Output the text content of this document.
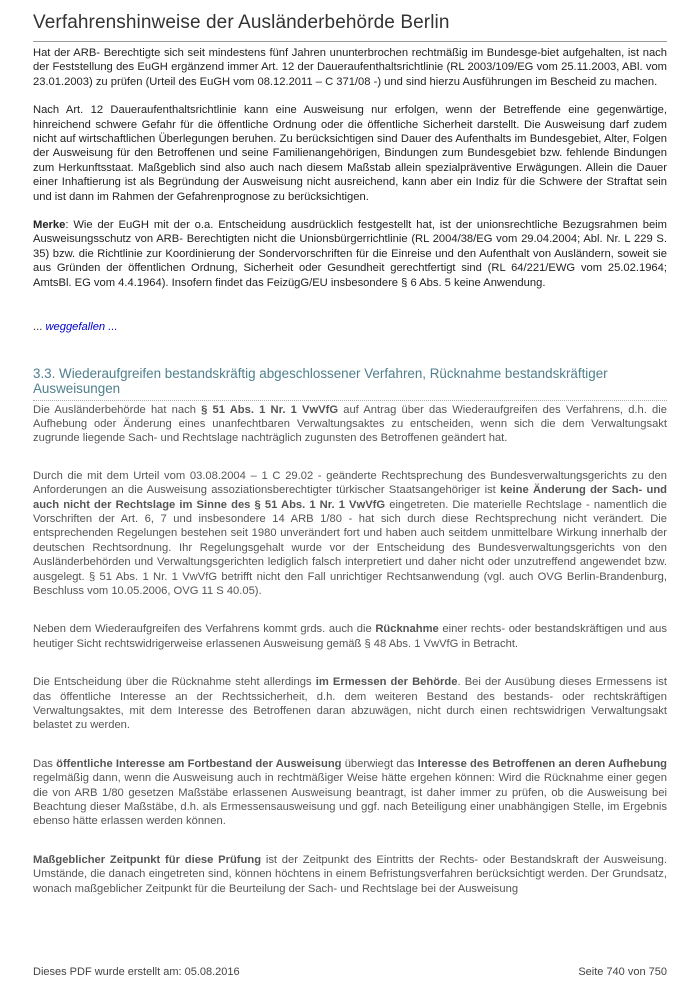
Verfahrenshinweise der Ausländerbehörde Berlin

Hat der ARB- Berechtigte sich seit mindestens fünf Jahren ununterbrochen rechtmäßig im Bundesge-biet aufgehalten, ist nach der Feststellung des EuGH ergänzend immer Art. 12 der Daueraufenthaltsrichtlinie (RL 2003/109/EG vom 25.11.2003, ABl. vom 23.01.2003) zu prüfen (Urteil des EuGH vom 08.12.2011 – C 371/08 -) und sind hierzu Ausführungen im Bescheid zu machen.

Nach Art. 12 Daueraufenthaltsrichtlinie kann eine Ausweisung nur erfolgen, wenn der Betreffende eine gegenwärtige, hinreichend schwere Gefahr für die öffentliche Ordnung oder die öffentliche Sicherheit darstellt. Die Ausweisung darf zudem nicht auf wirtschaftlichen Überlegungen beruhen. Zu berücksichtigen sind Dauer des Aufenthalts im Bundesgebiet, Alter, Folgen der Ausweisung für den Betroffenen und seine Familienangehörigen, Bindungen zum Bundesgebiet bzw. fehlende Bindungen zum Herkunftsstaat. Maßgeblich sind also auch nach diesem Maßstab allein spezialpräventive Erwägungen. Allein die Dauer einer Inhaftierung ist als Begründung der Ausweisung nicht ausreichend, kann aber ein Indiz für die Schwere der Straftat sein und ist dann im Rahmen der Gefahrenprognose zu berücksichtigen.

Merke: Wie der EuGH mit der o.a. Entscheidung ausdrücklich festgestellt hat, ist der unionsrechtliche Bezugsrahmen beim Ausweisungsschutz von ARB- Berechtigten nicht die Unionsbürgerrichtlinie (RL 2004/38/EG vom 29.04.2004; Abl. Nr. L 229 S. 35) bzw. die Richtlinie zur Koordinierung der Sondervorschriften für die Einreise und den Aufenthalt von Ausländern, soweit sie aus Gründen der öffentlichen Ordnung, Sicherheit oder Gesundheit gerechtfertigt sind (RL 64/221/EWG vom 25.02.1964; AmtsBl. EG vom 4.4.1964). Insofern findet das FeizügG/EU insbesondere § 6 Abs. 5 keine Anwendung.

... weggefallen ...
3.3. Wiederaufgreifen bestandskräftig abgeschlossener Verfahren, Rücknahme bestandskräftiger Ausweisungen

Die Ausländerbehörde hat nach § 51 Abs. 1 Nr. 1 VwVfG auf Antrag über das Wiederaufgreifen des Verfahrens, d.h. die Aufhebung oder Änderung eines unanfechtbaren Verwaltungsaktes zu entscheiden, wenn sich die dem Verwaltungsakt zugrunde liegende Sach- und Rechtslage nachträglich zugunsten des Betroffenen geändert hat.

Durch die mit dem Urteil vom 03.08.2004 – 1 C 29.02 - geänderte Rechtsprechung des Bundesverwaltungsgerichts zu den Anforderungen an die Ausweisung assoziationsberechtigter türkischer Staatsangehöriger ist keine Änderung der Sach- und auch nicht der Rechtslage im Sinne des § 51 Abs. 1 Nr. 1 VwVfG eingetreten. Die materielle Rechtslage - namentlich die Vorschriften der Art. 6, 7 und insbesondere 14 ARB 1/80 - hat sich durch diese Rechtsprechung nicht verändert. Die entsprechenden Regelungen bestehen seit 1980 unverändert fort und haben auch seitdem unmittelbare Wirkung innerhalb der deutschen Rechtsordnung. Ihr Regelungsgehalt wurde vor der Entscheidung des Bundesverwaltungsgerichts von den Ausländerbehörden und Verwaltungsgerichten lediglich falsch interpretiert und daher nicht oder unzutreffend angewendet bzw. ausgelegt. § 51 Abs. 1 Nr. 1 VwVfG betrifft nicht den Fall unrichtiger Rechtsanwendung (vgl. auch OVG Berlin-Brandenburg, Beschluss vom 10.05.2006, OVG 11 S 40.05).

Neben dem Wiederaufgreifen des Verfahrens kommt grds. auch die Rücknahme einer rechts- oder bestandskräftigen und aus heutiger Sicht rechtswidrigerweise erlassenen Ausweisung gemäß § 48 Abs. 1 VwVfG in Betracht.

Die Entscheidung über die Rücknahme steht allerdings im Ermessen der Behörde. Bei der Ausübung dieses Ermessens ist das öffentliche Interesse an der Rechtssicherheit, d.h. dem weiteren Bestand des bestands- oder rechtskräftigen Verwaltungsaktes, mit dem Interesse des Betroffenen daran abzuwägen, nicht durch einen rechtswidrigen Verwaltungsakt belastet zu werden.

Das öffentliche Interesse am Fortbestand der Ausweisung überwiegt das Interesse des Betroffenen an deren Aufhebung regelmäßig dann, wenn die Ausweisung auch in rechtmäßiger Weise hätte ergehen können: Wird die Rücknahme einer gegen die von ARB 1/80 gesetzen Maßstäbe erlassenen Ausweisung beantragt, ist daher immer zu prüfen, ob die Ausweisung bei Beachtung dieser Maßstäbe, d.h. als Ermessensausweisung und ggf. nach Beteiligung einer unabhängigen Stelle, im Ergebnis ebenso hätte erlassen werden können.

Maßgeblicher Zeitpunkt für diese Prüfung ist der Zeitpunkt des Eintritts der Rechts- oder Bestandskraft der Ausweisung. Umstände, die danach eingetreten sind, können höchtens in einem Befristungsverfahren berücksichtigt werden. Der Grundsatz, wonach maßgeblicher Zeitpunkt für die Beurteilung der Sach- und Rechtslage bei der Ausweisung

Dieses PDF wurde erstellt am: 05.08.2016	Seite 740 von 750
